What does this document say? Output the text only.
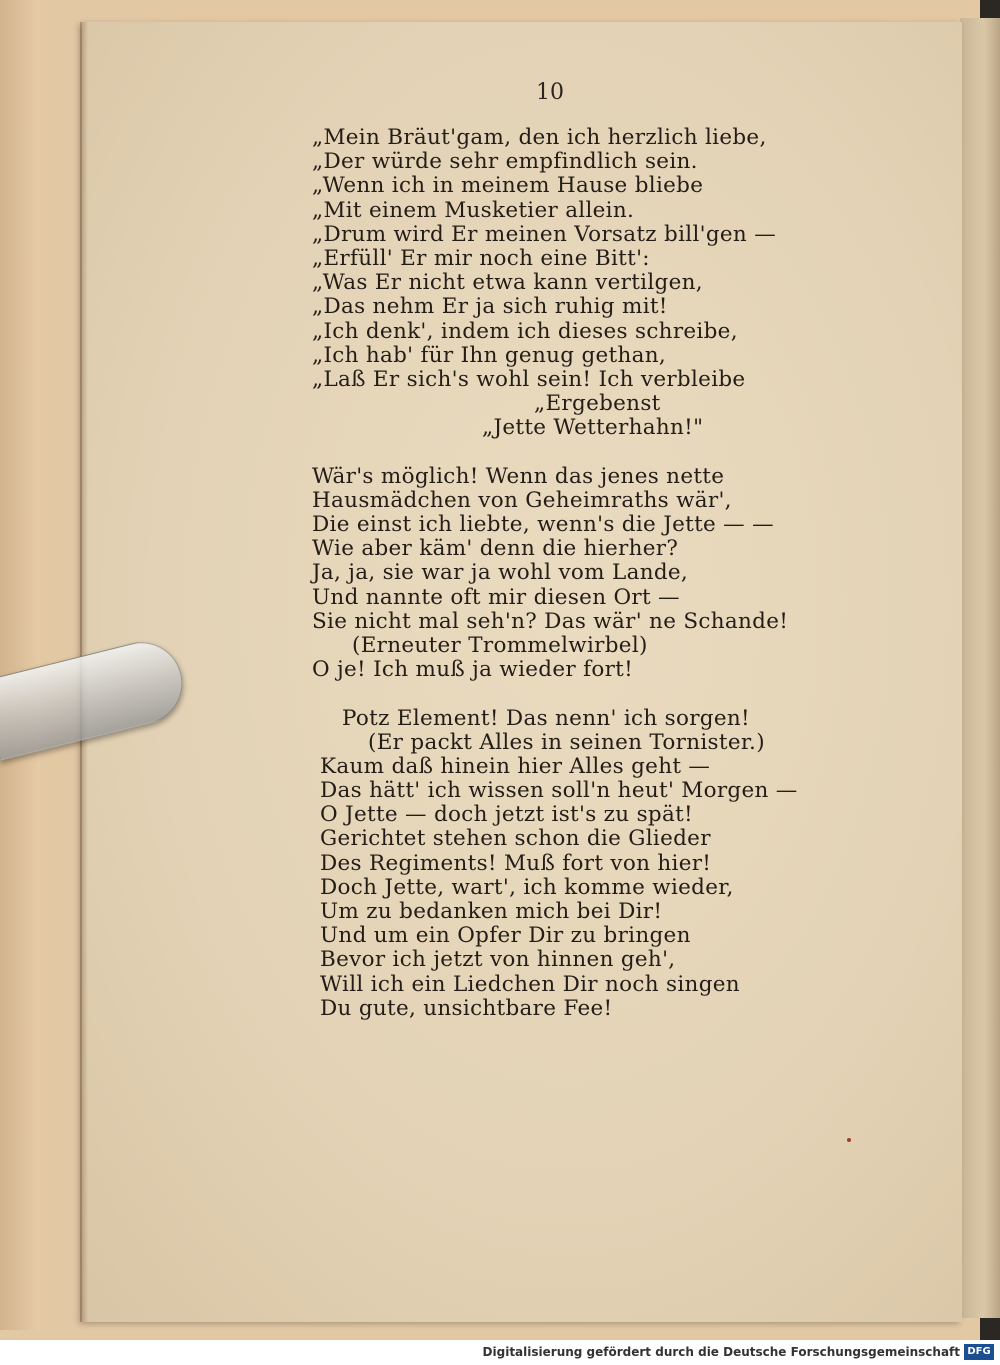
10
„Mein Bräut'gam, den ich herzlich liebe,
„Der würde sehr empfindlich sein.
„Wenn ich in meinem Hause bliebe
„Mit einem Musketier allein.
„Drum wird Er meinen Vorsatz bill'gen —
„Erfüll' Er mir noch eine Bitt':
„Was Er nicht etwa kann vertilgen,
„Das nehm Er ja sich ruhig mit!
„Ich denk', indem ich dieses schreibe,
„Ich hab' für Ihn genug gethan,
„Laß Er sich's wohl sein! Ich verbleibe
„Ergebenst
„Jette Wetterhahn!"
Wär's möglich! Wenn das jenes nette
Hausmädchen von Geheimraths wär',
Die einst ich liebte, wenn's die Jette — —
Wie aber käm' denn die hierher?
Ja, ja, sie war ja wohl vom Lande,
Und nannte oft mir diesen Ort —
Sie nicht mal seh'n? Das wär' ne Schande!
(Erneuter Trommelwirbel)
O je! Ich muß ja wieder fort!
Potz Element! Das nenn' ich sorgen!
(Er packt Alles in seinen Tornister.)
Kaum daß hinein hier Alles geht —
Das hätt' ich wissen soll'n heut' Morgen —
O Jette — doch jetzt ist's zu spät!
Gerichtet stehen schon die Glieder
Des Regiments! Muß fort von hier!
Doch Jette, wart', ich komme wieder,
Um zu bedanken mich bei Dir!
Und um ein Opfer Dir zu bringen
Bevor ich jetzt von hinnen geh',
Will ich ein Liedchen Dir noch singen
Du gute, unsichtbare Fee!
Digitalisierung gefördert durch die Deutsche Forschungsgemeinschaft DFG
